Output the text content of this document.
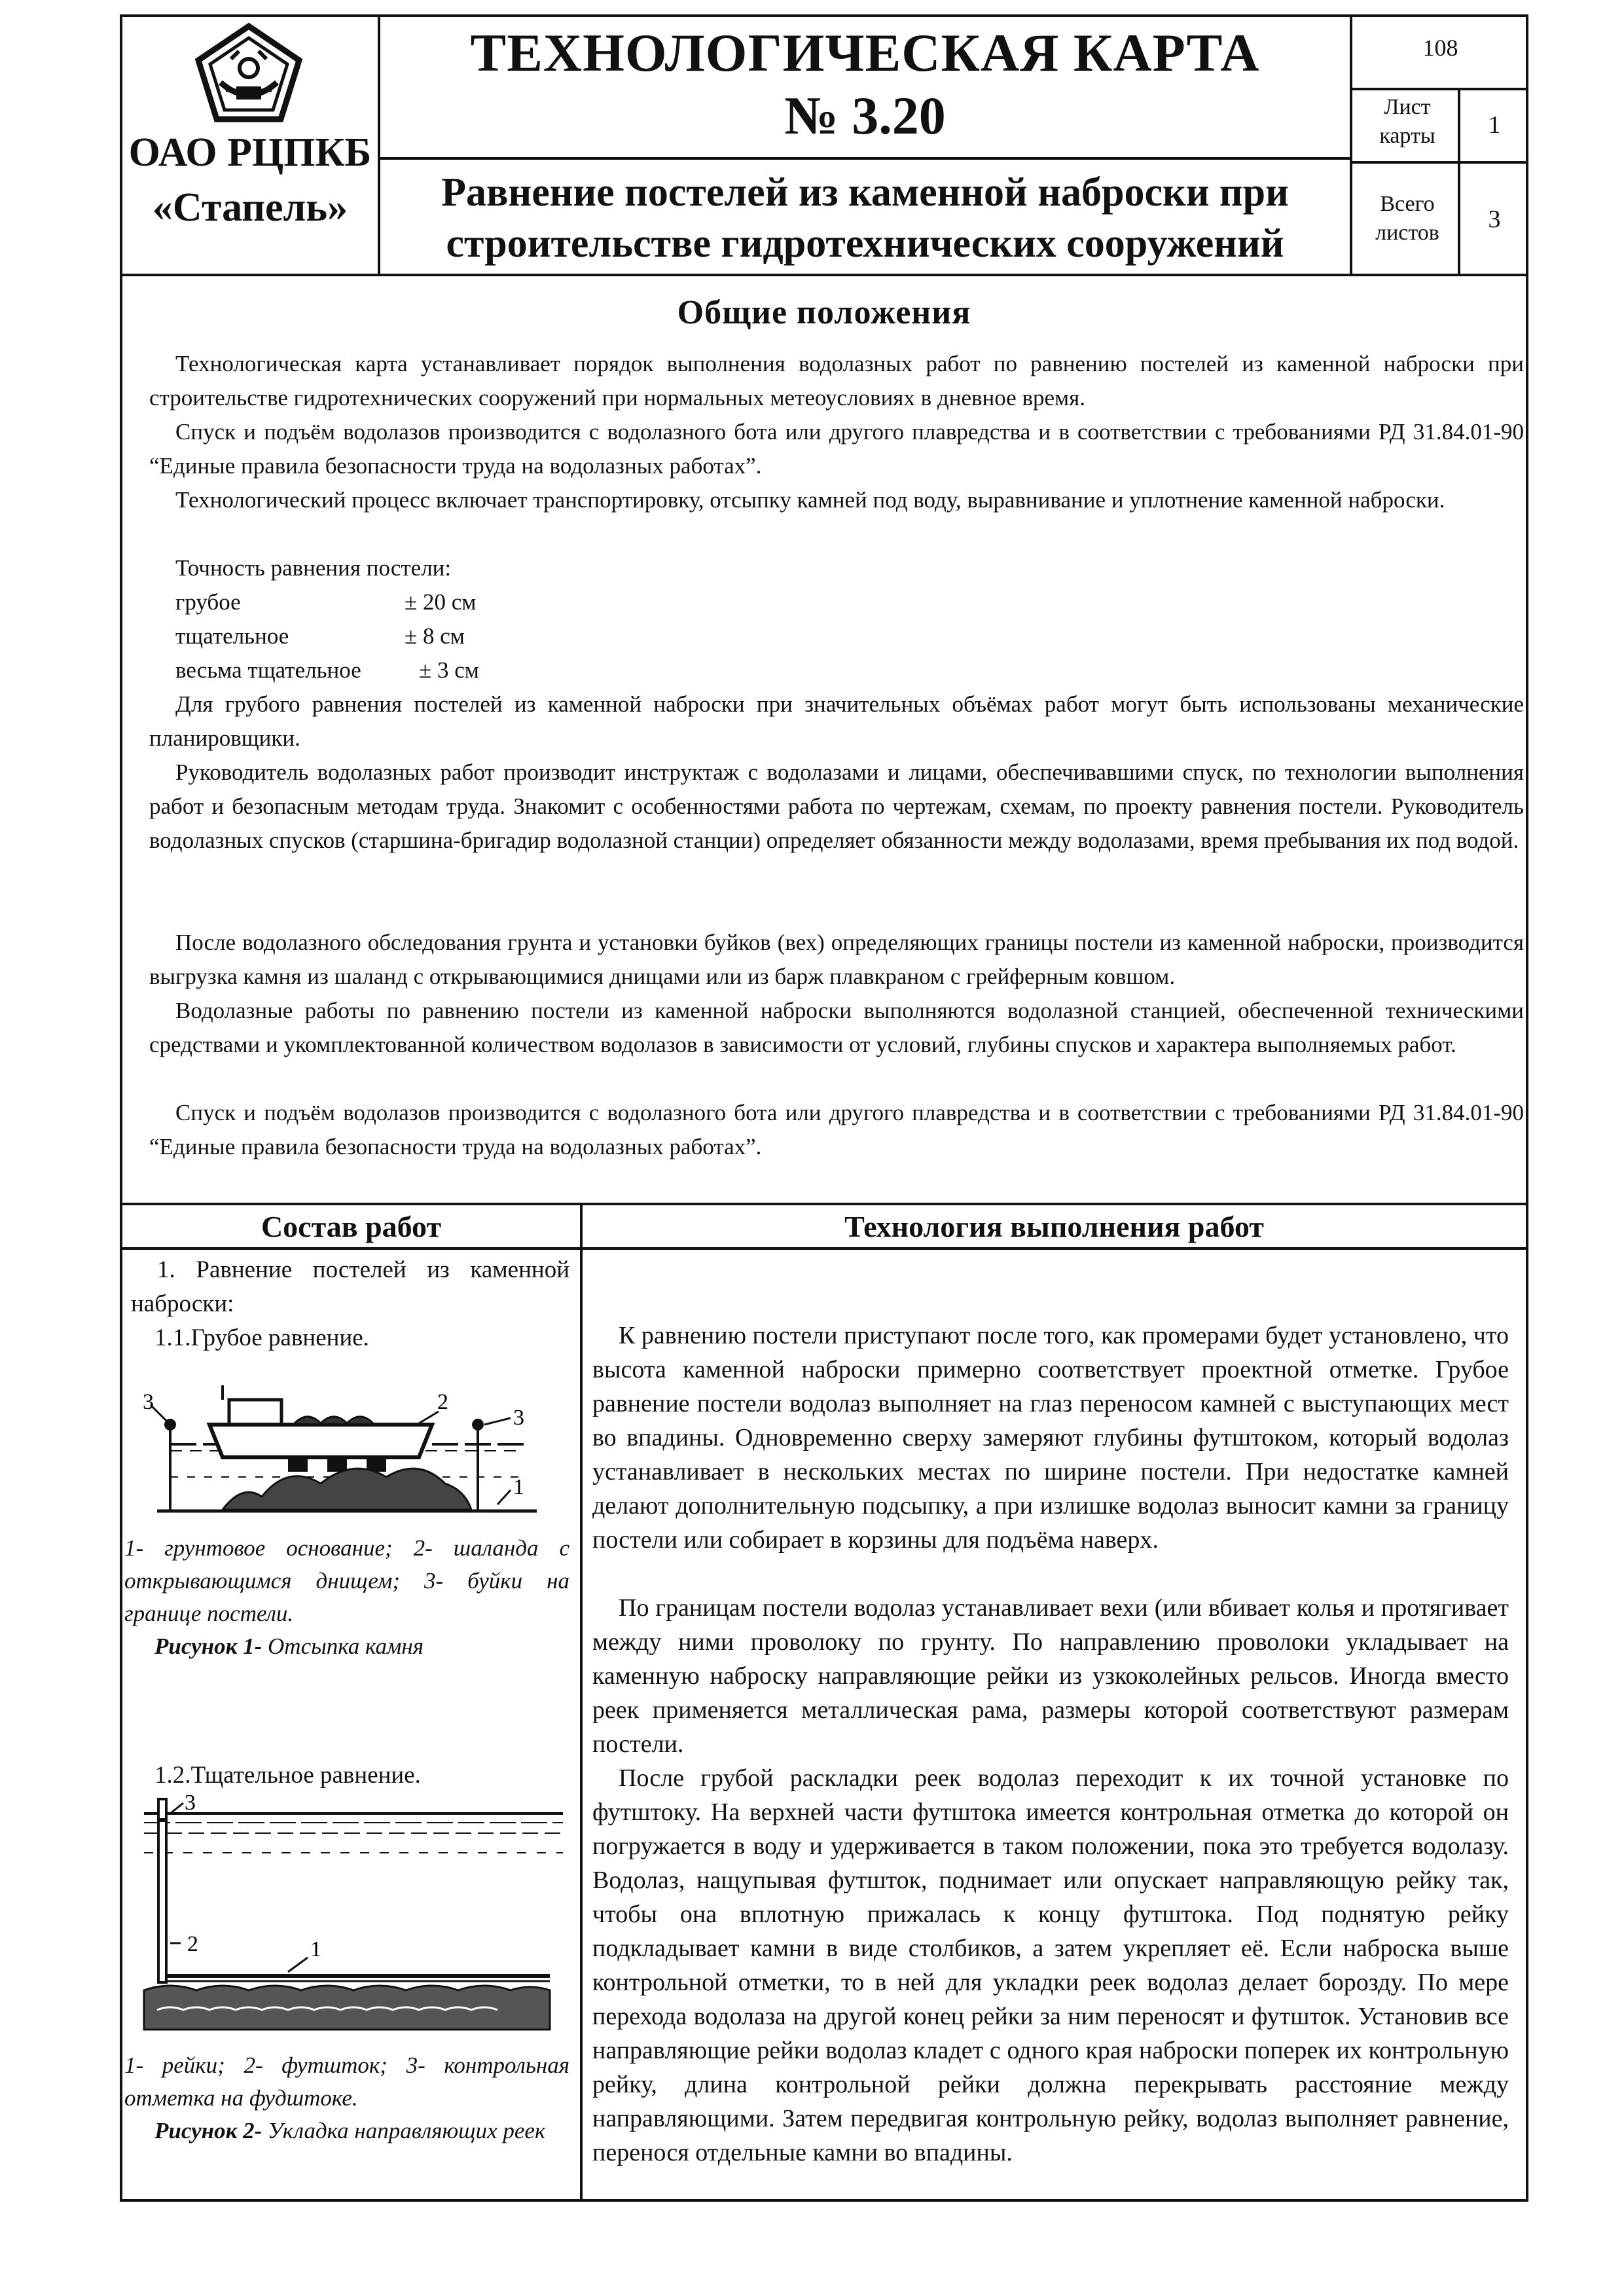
ОАО РЦПКБ
«Стапель»
ТЕХНОЛОГИЧЕСКАЯ КАРТА
№ 3.20
Равнение постелей из каменной наброски при
строительстве гидротехнических сооружений
108
Лист карты	1
Всего листов	3
Общие положения

Технологическая карта устанавливает порядок выполнения водолазных работ по равнению постелей из каменной наброски при строительстве гидротехнических сооружений при нормальных метеоусловиях в дневное время.

Спуск и подъём водолазов производится с водолазного бота или другого плавредства и в соответствии с требованиями РД 31.84.01-90 “Единые правила безопасности труда на водолазных работах”.

Технологический процесс включает транспортировку, отсыпку камней под воду, выравнивание и уплотнение каменной наброски.

Точность равнения постели:
грубое	± 20 см
тщательное	± 8 см
весьма тщательное	± 3 см

Для грубого равнения постелей из каменной наброски при значительных объёмах работ могут быть использованы механические планировщики.

Руководитель водолазных работ производит инструктаж с водолазами и лицами, обеспечивавшими спуск, по технологии выполнения работ и безопасным методам труда. Знакомит с особенностями работа по чертежам, схемам, по проекту равнения постели. Руководитель водолазных спусков (старшина-бригадир водолазной станции) определяет обязанности между водолазами, время пребывания их под водой.

После водолазного обследования грунта и установки буйков (вех) определяющих границы постели из каменной наброски, производится выгрузка камня из шаланд с открывающимися днищами или из барж плавкраном с грейферным ковшом.

Водолазные работы по равнению постели из каменной наброски выполняются водолазной станцией, обеспеченной техническими средствами и укомплектованной количеством водолазов в зависимости от условий, глубины спусков и характера выполняемых работ.

Спуск и подъём водолазов производится с водолазного бота или другого плавредства и в соответствии с требованиями РД 31.84.01-90 “Единые правила безопасности труда на водолазных работах”.

Состав работ	Технология выполнения работ
1. Равнение постелей из каменной наброски:
1.1.Грубое равнение.
3	2
3
1
1- грунтовое основание; 2- шаланда с открывающимся днищем; 3- буйки на границе постели.
Рисунок 1- Отсыпка камня
1.2.Тщательное равнение.
3
2	1
1- рейки; 2- футшток; 3- контрольная отметка на фудштоке.
Рисунок 2- Укладка направляющих реек

К равнению постели приступают после того, как промерами будет установлено, что высота каменной наброски примерно соответствует проектной отметке. Грубое равнение постели водолаз выполняет на глаз переносом камней с выступающих мест во впадины. Одновременно сверху замеряют глубины футштоком, который водолаз устанавливает в нескольких местах по ширине постели. При недостатке камней делают дополнительную подсыпку, а при излишке водолаз выносит камни за границу постели или собирает в корзины для подъёма наверх.

По границам постели водолаз устанавливает вехи (или вбивает колья и протягивает между ними проволоку по грунту. По направлению проволоки укладывает на каменную наброску направляющие рейки из узкоколейных рельсов. Иногда вместо реек применяется металлическая рама, размеры которой соответствуют размерам постели.

После грубой раскладки реек водолаз переходит к их точной установке по футштоку. На верхней части футштока имеется контрольная отметка до которой он погружается в воду и удерживается в таком положении, пока это требуется водолазу. Водолаз, нащупывая футшток, поднимает или опускает направляющую рейку так, чтобы она вплотную прижалась к концу футштока. Под поднятую рейку подкладывает камни в виде столбиков, а затем укрепляет её. Если наброска выше контрольной отметки, то в ней для укладки реек водолаз делает борозду. По мере перехода водолаза на другой конец рейки за ним переносят и футшток. Установив все направляющие рейки водолаз кладет с одного края наброски поперек их контрольную рейку, длина контрольной рейки должна перекрывать расстояние между направляющими. Затем передвигая контрольную рейку, водолаз выполняет равнение, перенося отдельные камни во впадины.
